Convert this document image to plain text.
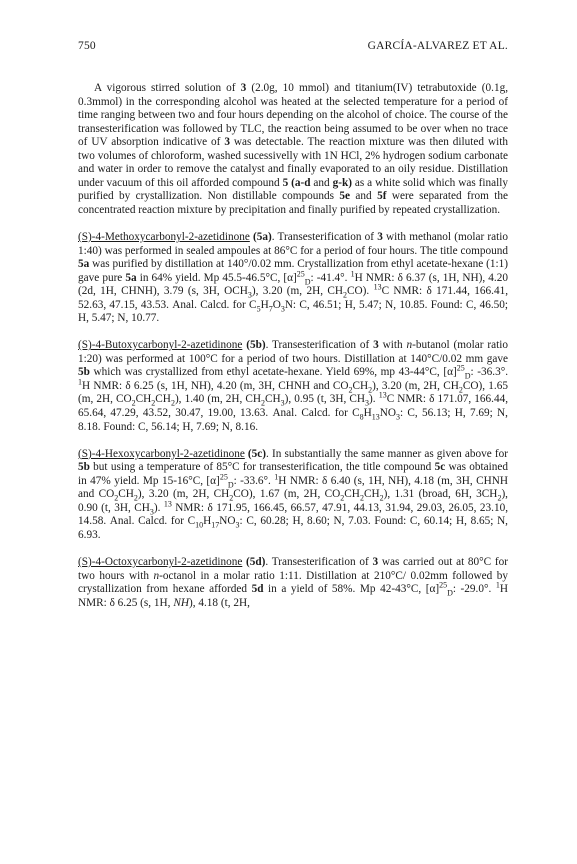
750	GARCÍA-ALVAREZ ET AL.

A vigorous stirred solution of 3 (2.0g, 10 mmol) and titanium(IV) tetrabutoxide (0.1g, 0.3mmol) in the corresponding alcohol was heated at the selected temperature for a period of time ranging between two and four hours depending on the alcohol of choice. The course of the transesterification was followed by TLC, the reaction being assumed to be over when no trace of UV absorption indicative of 3 was detectable. The reaction mixture was then diluted with two volumes of chloroform, washed sucessivelly with 1N HCl, 2% hydrogen sodium carbonate and water in order to remove the catalyst and finally evaporated to an oily residue. Distillation under vacuum of this oil afforded compound 5 (a-d and g-k) as a white solid which was finally purified by crystallization. Non distillable compounds 5e and 5f were separated from the concentrated reaction mixture by precipitation and finally purified by repeated crystallization.

(S)-4-Methoxycarbonyl-2-azetidinone (5a). Transesterification of 3 with methanol (molar ratio 1:40) was performed in sealed ampoules at 86°C for a period of four hours. The title compound 5a was purified by distillation at 140°/0.02 mm. Crystallization from ethyl acetate-hexane (1:1) gave pure 5a in 64% yield. Mp 45.5-46.5°C, $[\alpha]^{25}_D$: -41.4°. $^1$H NMR: δ 6.37 (s, 1H, NH), 4.20 (2d, 1H, CHNH), 3.79 (s, 3H, $OCH_3$), 3.20 (m, 2H, $CH_2CO$). $^{13}$C NMR: δ 171.44, 166.41, 52.63, 47.15, 43.53. Anal. Calcd. for $C_5H_7O_3N$: C, 46.51; H, 5.47; N, 10.85. Found: C, 46.50; H, 5.47; N, 10.77.

(S)-4-Butoxycarbonyl-2-azetidinone (5b). Transesterification of 3 with n-butanol (molar ratio 1:20) was performed at 100°C for a period of two hours. Distillation at 140°C/0.02 mm gave 5b which was crystallized from ethyl acetate-hexane. Yield 69%, mp 43-44°C, $[\alpha]^{25}_D$: -36.3°. $^1$H NMR: δ 6.25 (s, 1H, NH), 4.20 (m, 3H, CHNH and $CO_2CH_2$), 3.20 (m, 2H, $CH_2CO$), 1.65 (m, 2H, $CO_2CH_2CH_2$), 1.40 (m, 2H, $CH_2CH_3$), 0.95 (t, 3H, $CH_3$). $^{13}$C NMR: δ 171.07, 166.44, 65.64, 47.29, 43.52, 30.47, 19.00, 13.63. Anal. Calcd. for $C_8H_{13}NO_3$: C, 56.13; H, 7.69; N, 8.18. Found: C, 56.14; H, 7.69; N, 8.16.

(S)-4-Hexoxycarbonyl-2-azetidinone (5c). In substantially the same manner as given above for 5b but using a temperature of 85°C for transesterification, the title compound 5c was obtained in 47% yield. Mp 15-16°C, $[\alpha]^{25}_D$: -33.6°. $^1$H NMR: δ 6.40 (s, 1H, NH), 4.18 (m, 3H, CHNH and $CO_2CH_2$), 3.20 (m, 2H, $CH_2CO$), 1.67 (m, 2H, $CO_2CH_2CH_2$), 1.31 (broad, 6H, $3CH_2$), 0.90 (t, 3H, $CH_3$). $^{13}$ NMR: δ 171.95, 166.45, 66.57, 47.91, 44.13, 31.94, 29.03, 26.05, 23.10, 14.58. Anal. Calcd. for $C_{10}H_{17}NO_3$: C, 60.28; H, 8.60; N, 7.03. Found: C, 60.14; H, 8.65; N, 6.93.

(S)-4-Octoxycarbonyl-2-azetidinone (5d). Transesterification of 3 was carried out at 80°C for two hours with n-octanol in a molar ratio 1:11. Distillation at 210°C/ 0.02mm followed by crystallization from hexane afforded 5d in a yield of 58%. Mp 42-43°C, $[\alpha]^{25}_D$: -29.0°. $^1$H NMR: δ 6.25 (s, 1H, NH), 4.18 (t, 2H,
